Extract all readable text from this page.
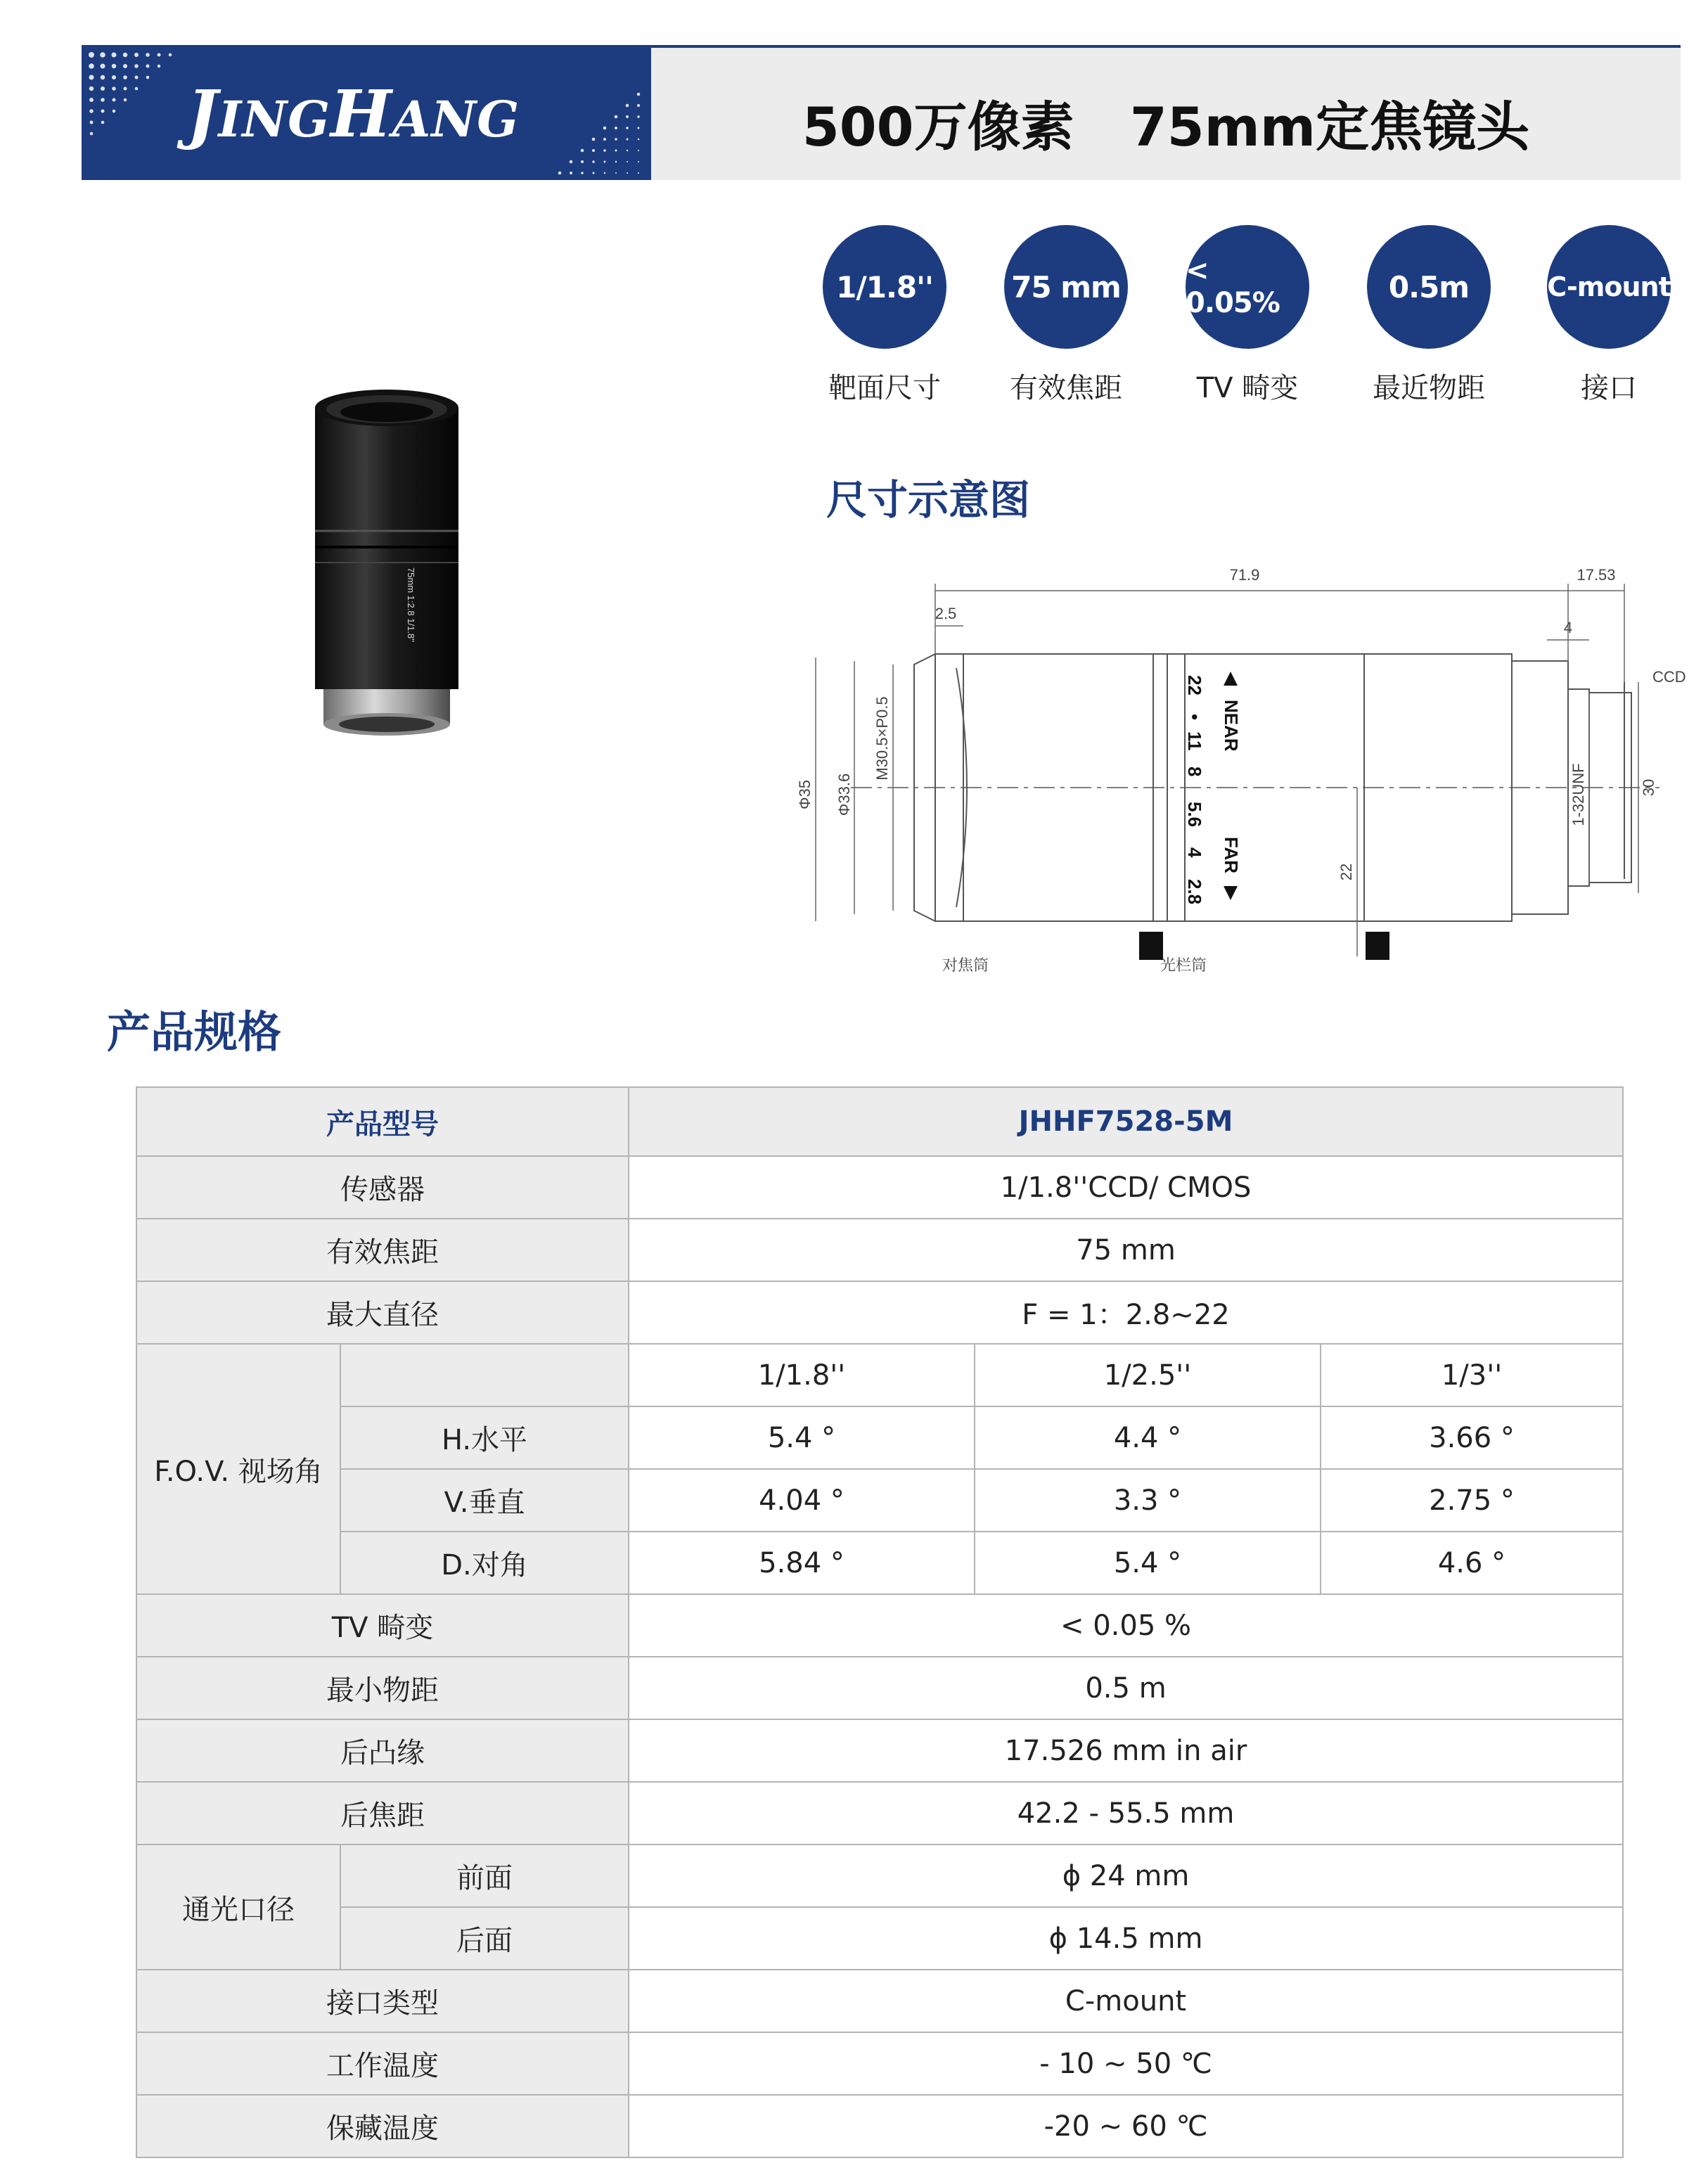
JINGHANG	500万像素   75mm定焦镜头
1/1.8''	75 mm < 0.05%	0.5m	C-mount
靶面尺寸	有效焦距	TV 畸变	最近物距	接口
75mm 1:2.8 1/1.8''
尺寸示意图
71.9	17.53
2.5
4
CCD
Φ35 Φ33.6
M30.5×P0.5
1-32UNF	30
22
对焦筒	光栏筒
NEAR
FAR
22
•
11
8
5.6
4
2.8
产品规格
产品型号		JHHF7528-5M		
传感器		1/1.8''CCD/ CMOS		
有效焦距		75 mm		
最大直径		F = 1：2.8~22		
F.O.V. 视场角		1/1.8''	1/2.5''	1/3''
	H.水平	5.4 °	4.4 °	3.66 °
	V.垂直	4.04 °	3.3 °	2.75 °
	D.对角	5.84 °	5.4 °	4.6 °
TV 畸变		< 0.05 %		
最小物距		0.5 m		
后凸缘		17.526 mm in air		
后焦距		42.2 - 55.5 mm		
通光口径	前面	ϕ 24 mm		
	后面	ϕ 14.5 mm		
接口类型		C-mount		
工作温度		- 10 ~ 50 ℃		
保藏温度		-20 ~ 60 ℃		
